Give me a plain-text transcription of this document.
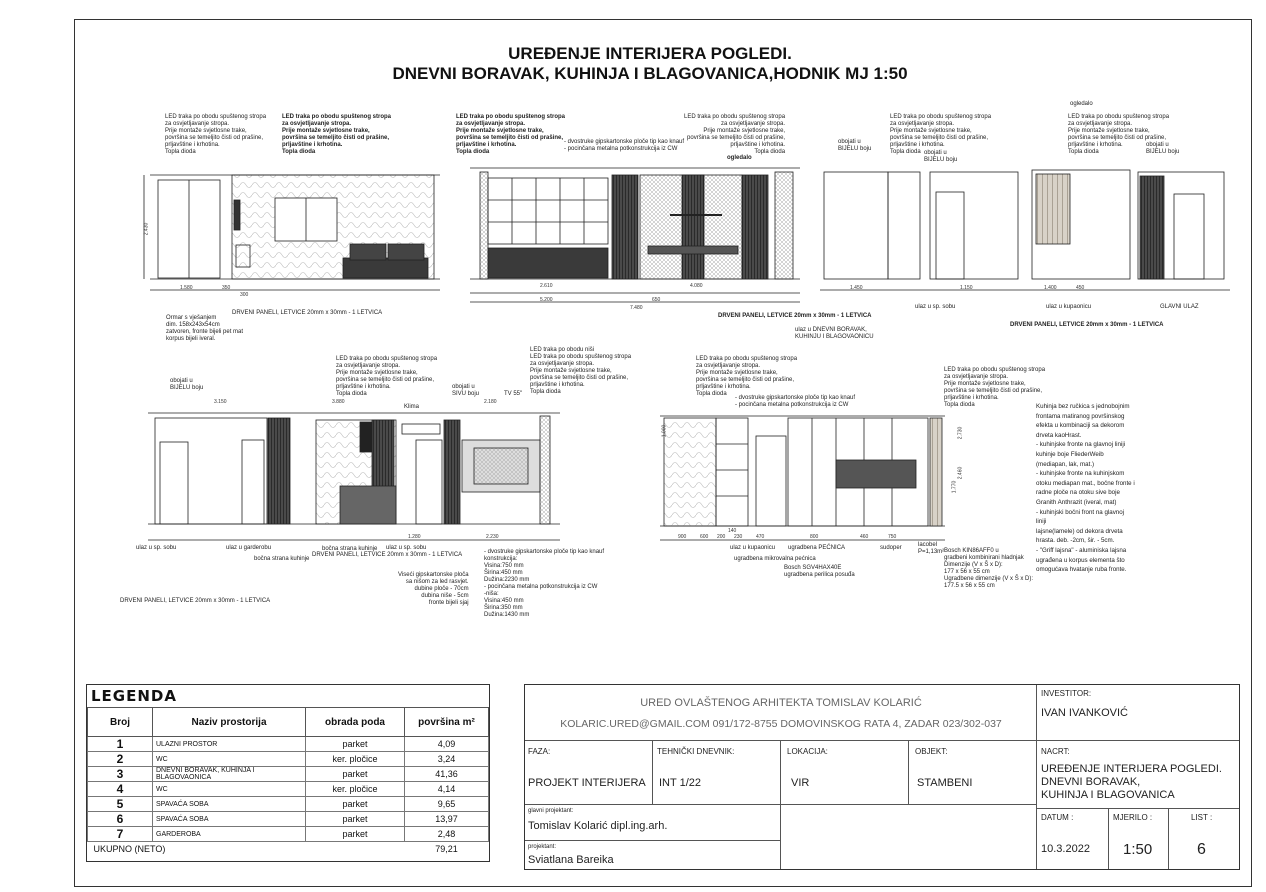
UREĐENJE INTERIJERA POGLEDI.
DNEVNI BORAVAK, KUHINJA I BLAGOVANICA,HODNIK MJ 1:50
LED traka po obodu spuštenog stropa
za osvjetljavanje stropa.
Prije montaže svjetlosne trake,
površina se temeljito čisti od prašine,
prljavštine i krhotina.
Topla dioda
LED traka po obodu spuštenog stropa
za osvjetljavanje stropa.
Prije montaže svjetlosne trake,
površina se temeljito čisti od prašine,
prljavštine i krhotina.
Topla dioda
LED traka po obodu spuštenog stropa
za osvjetljavanje stropa.
Prije montaže svjetlosne trake,
površina se temeljito čisti od prašine,
prljavštine i krhotina.
Topla dioda
LED traka po obodu spuštenog stropa
za osvjetljavanje stropa.
Prije montaže svjetlosne trake,
površina se temeljito čisti od prašine,
prljavštine i krhotina.
Topla dioda
- dvostruke gipskartonske ploče tip kao knauf
- pocinčana metalna potkonstrukcija iz CW
ogledalo
LED traka po obodu spuštenog stropa
za osvjetljavanje stropa.
Prije montaže svjetlosne trake,
površina se temeljito čisti od prašine,
prljavštine i krhotina.
Topla dioda
LED traka po obodu spuštenog stropa
za osvjetljavanje stropa.
Prije montaže svjetlosne trake,
površina se temeljito čisti od prašine,
prljavštine i krhotina.
Topla dioda
ogledalo
obojati u
BIJELU boju
obojati u
BIJELU boju
obojati u
BIJELU boju
Ormar s vješanjem
dim. 158x243x54cm
zatvoren, fronte bijeli pet mat
korpus bijeli iveral.
DRVENI PANELI, LETVICE 20mm x 30mm - 1 LETVICA	DRVENI PANELI, LETVICE 20mm x 30mm - 1 LETVICA
ulaz u DNEVNI BORAVAK,
KUHINJU I BLAGOVAONICU
ulaz u sp. sobu	ulaz u kupaonicu	GLAVNI ULAZ
DRVENI PANELI, LETVICE 20mm x 30mm - 1 LETVICA
LED traka po obodu spuštenog stropa
za osvjetljavanje stropa.
Prije montaže svjetlosne trake,
površina se temeljito čisti od prašine,
prljavštine i krhotina.
Topla dioda
LED traka po obodu niši
LED traka po obodu spuštenog stropa
za osvjetljavanje stropa.
Prije montaže svjetlosne trake,
površina se temeljito čisti od prašine,
prljavštine i krhotina.
Topla dioda
obojati u
BIJELU boju	obojati u
SIVU boju
Klima
TV 55"
LED traka po obodu spuštenog stropa
za osvjetljavanje stropa.
Prije montaže svjetlosne trake,
površina se temeljito čisti od prašine,
prljavštine i krhotina.
Topla dioda
- dvostruke gipskartonske ploče tip kao knauf
- pocinčana metalna potkonstrukcija iz CW
LED traka po obodu spuštenog stropa
za osvjetljavanje stropa.
Prije montaže svjetlosne trake,
površina se temeljito čisti od prašine,
prljavštine i krhotina.
Topla dioda	Kuhinja bez ručkica s jednobojnim
frontama matiranog površinskog
efekta u kombinaciji sa dekorom
drveta kaoHrast.
- kuhinjske fronte na glavnoj liniji
kuhinje boje FliederWeib
(mediapan, lak, mat.)
- kuhinjske fronte na kuhinjskom
otoku mediapan mat., bočne fronte i
radne ploče na otoku sive boje
Granith Anthrazit (iveral, mat)
- kuhinjski bočni front na glavnoj
liniji
lajsne(lamele) od dekora drveta
hrasta. deb. -2cm, šir. - 5cm.
- "Griff lajsna" - aluminiska lajsna
ugrađena u korpus elementa što
omogućava hvatanje ruba fronte.
ulaz u sp. sobu	ulaz u garderobu
bočna strana kuhinje
bočna strana kuhinje ulaz u sp. sobu
DRVENI PANELI, LETVICE 20mm x 30mm - 1 LETVICA	- dvostruke gipskartonske ploče tip kao knauf
konstrukcija:
Visina:750 mm
Širina:450 mm
Dužina:2230 mm
- pocinčana metalna potkonstrukcija iz CW
-niša:
Visina:450 mm
Širina:350 mm
Dužina:1430 mm
Viseći gipskartonske ploča
sa nišom za led rasvjet.
dubine ploče - 70cm
dubina niše - 5cm
fronte bijeli sjaj
DRVENI PANELI, LETVICE 20mm x 30mm - 1 LETVICA
ulaz u kupaonicu ugradbena PEĆNICA
ugradbena mikrovalna pećnica
Bosch SGV4HAX40E
ugradbena perilica posuđa
sudoper	lacobel
P=1,13m² Bosch KIN86AFF0 u
gradbeni kombinirani hladnjak
Dimenzije (V x Š x D):
177 x 56 x 55 cm
Ugradbene dimenzije (V x Š x D):
177.5 x 56 x 55 cm
2.430
1.580	350
300
2.610	4.080
7.480
5.200
1.450	1.150
3.150	3.880	2.180
2.230
1.280
2.730
2.460
1.770
900	600
650
200 230
1.000
470	800	460	750
140
1.400	450
LEGENDA
Broj	Naziv prostorija	obrada poda	površina m²
1	ULAZNI PROSTOR	parket	4,09
2	WC	ker. pločice	3,24
3	DNEVNI BORAVAK, KUHINJA I BLAGOVAONICA	parket	41,36
4	WC	ker. pločice	4,14
5	SPAVAĆA SOBA	parket	9,65
6	SPAVAĆA SOBA	parket	13,97
7	GARDEROBA	parket	2,48
UKUPNO (NETO)			79,21
URED OVLAŠTENOG ARHITEKTA TOMISLAV KOLARIĆ
KOLARIC.URED@GMAIL.COM 091/172-8755 DOMOVINSKOG RATA 4, ZADAR 023/302-037
INVESTITOR:
IVAN IVANKOVIĆ
FAZA:
PROJEKT INTERIJERA
TEHNIČKI DNEVNIK:
INT 1/22
LOKACIJA:
VIR
OBJEKT:
STAMBENI
NACRT:
UREĐENJE INTERIJERA POGLEDI.
DNEVNI BORAVAK,
KUHINJA I BLAGOVANICA
glavni projektant:
Tomislav Kolarić dipl.ing.arh.
projektant:
Sviatlana Bareika
DATUM :
10.3.2022
MJERILO :
1:50
LIST :
6
